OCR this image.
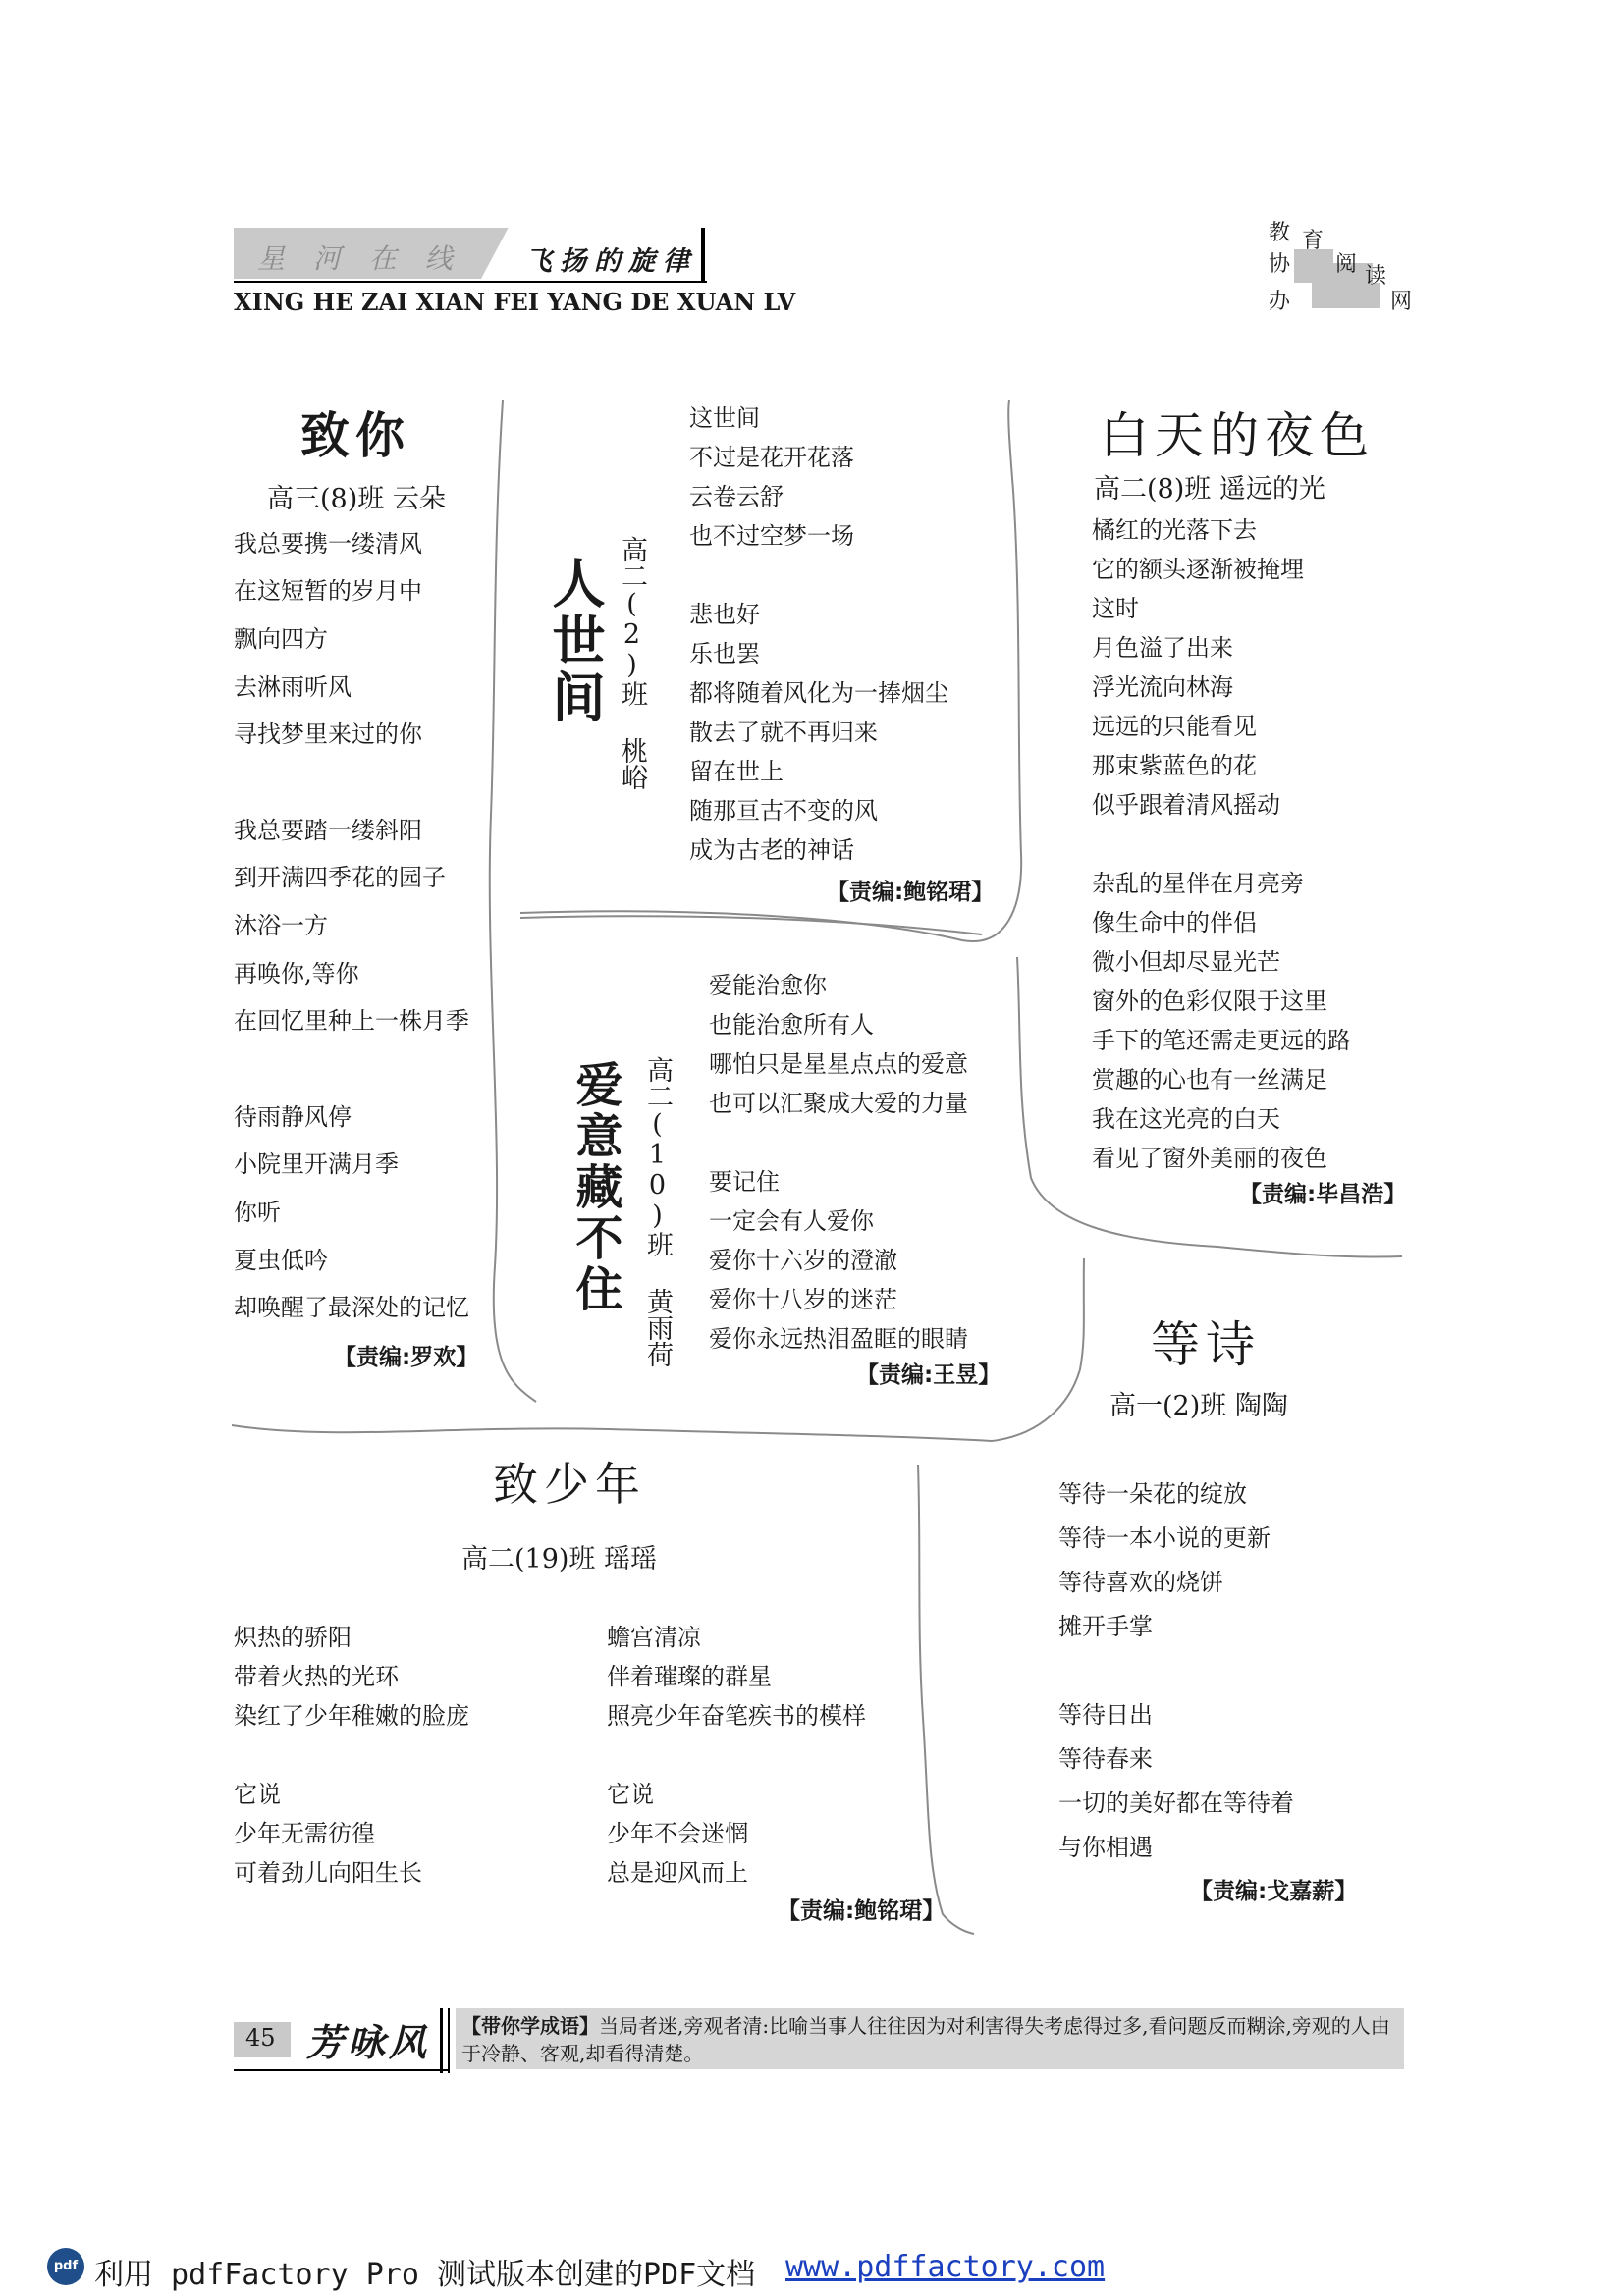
星 河 在 线 飞扬的旋律
XING HE ZAI XIAN FEI YANG DE XUAN LV
教 育
协 阅 读
办	网
致你
高三(8)班 云朵
我总要携一缕清风
在这短暂的岁月中
飘向四方
去淋雨听风
寻找梦里来过的你
我总要踏一缕斜阳
到开满四季花的园子
沐浴一方
再唤你,等你
在回忆里种上一株月季
待雨静风停
小院里开满月季
你听
夏虫低吟
却唤醒了最深处的记忆
【责编:罗欢】
人世间 高二(2)班 桃峪
这世间
不过是花开花落
云卷云舒
也不过空梦一场
悲也好
乐也罢
都将随着风化为一捧烟尘
散去了就不再归来
留在世上
随那亘古不变的风
成为古老的神话
【责编:鲍铭珺】
白天的夜色
高二(8)班 遥远的光
橘红的光落下去
它的额头逐渐被掩埋
这时
月色溢了出来
浮光流向林海
远远的只能看见
那束紫蓝色的花
似乎跟着清风摇动
杂乱的星伴在月亮旁
像生命中的伴侣
微小但却尽显光芒
窗外的色彩仅限于这里
手下的笔还需走更远的路
赏趣的心也有一丝满足
我在这光亮的白天
看见了窗外美丽的夜色
【责编:毕昌浩】
爱意藏不住 高二(10)班 黄雨荷
爱能治愈你
也能治愈所有人
哪怕只是星星点点的爱意
也可以汇聚成大爱的力量
要记住
一定会有人爱你
爱你十六岁的澄澈
爱你十八岁的迷茫
爱你永远热泪盈眶的眼睛
【责编:王昱】
等诗
高一(2)班 陶陶
等待一朵花的绽放
等待一本小说的更新
等待喜欢的烧饼
摊开手掌
等待日出
等待春来
一切的美好都在等待着
与你相遇
【责编:戈嘉薪】
致少年
高二(19)班 瑶瑶
炽热的骄阳
带着火热的光环
染红了少年稚嫩的脸庞
它说
少年无需彷徨
可着劲儿向阳生长
蟾宫清凉
伴着璀璨的群星
照亮少年奋笔疾书的模样
它说
少年不会迷惘
总是迎风而上
【责编:鲍铭珺】
45 芳咏风 【带你学成语】当局者迷,旁观者清:比喻当事人往往因为对利害得失考虑得过多,看问题反而糊涂,旁观的人由于冷静、客观,却看得清楚。
pdf 利用 pdfFactory Pro 测试版本创建的PDF文档 www.pdffactory.com
